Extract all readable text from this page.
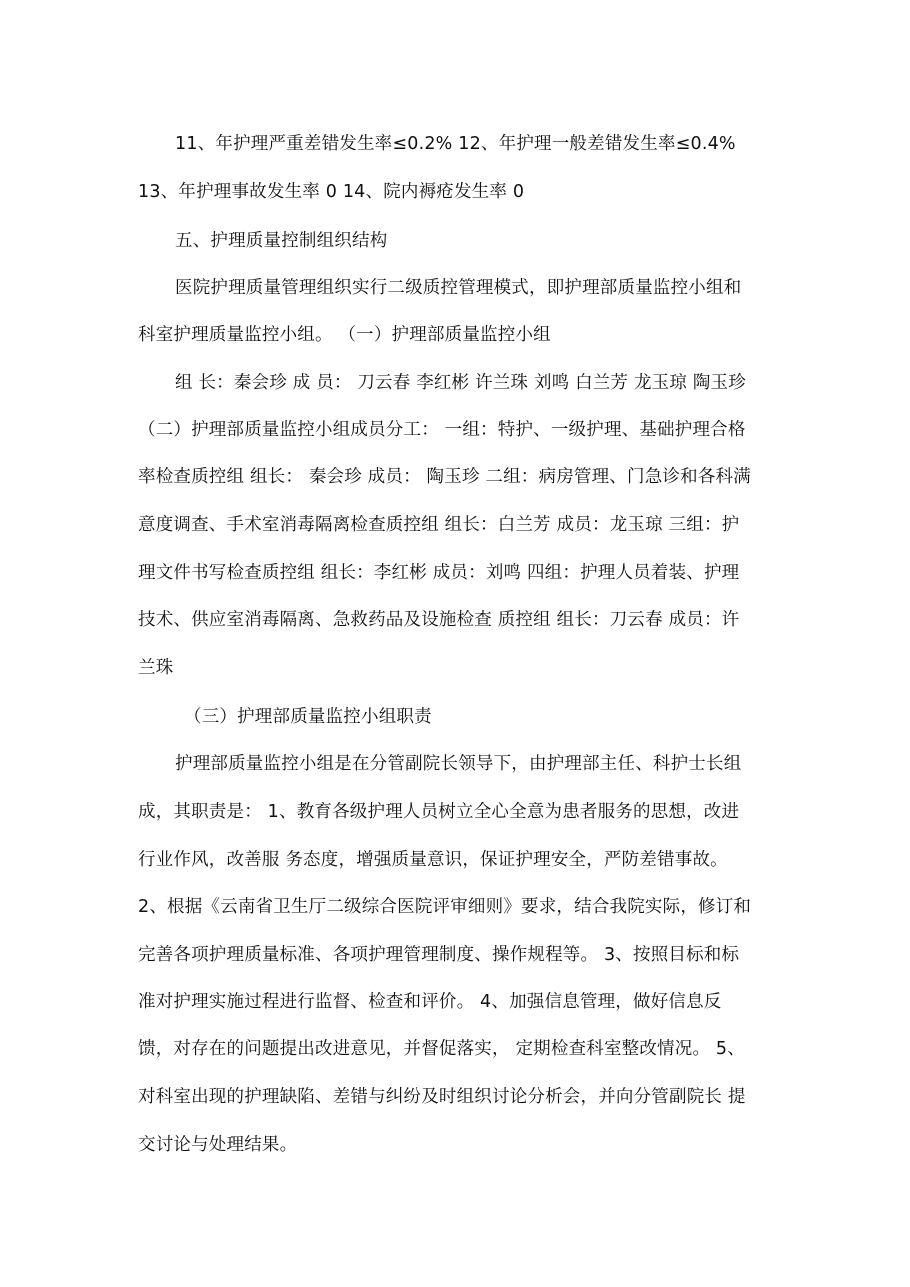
11、年护理严重差错发生率≤0.2% 12、年护理一般差错发生率≤0.4%
13、年护理事故发生率 0 14、院内褥疮发生率 0
五、护理质量控制组织结构
医院护理质量管理组织实行二级质控管理模式，即护理部质量监控小组和
科室护理质量监控小组。 （一）护理部质量监控小组
组 长：秦会珍 成 员： 刀云春 李红彬 许兰珠 刘鸣 白兰芳 龙玉琼 陶玉珍
（二）护理部质量监控小组成员分工： 一组：特护、一级护理、基础护理合格
率检查质控组 组长： 秦会珍 成员： 陶玉珍 二组：病房管理、门急诊和各科满
意度调查、手术室消毒隔离检查质控组 组长：白兰芳 成员：龙玉琼 三组：护
理文件书写检查质控组 组长：李红彬 成员：刘鸣 四组：护理人员着装、护理
技术、供应室消毒隔离、急救药品及设施检查 质控组 组长：刀云春 成员：许
兰珠
（三）护理部质量监控小组职责
护理部质量监控小组是在分管副院长领导下，由护理部主任、科护士长组
成，其职责是： 1、教育各级护理人员树立全心全意为患者服务的思想，改进
行业作风，改善服 务态度，增强质量意识，保证护理安全，严防差错事故。
2、根据《云南省卫生厅二级综合医院评审细则》要求，结合我院实际，修订和
完善各项护理质量标准、各项护理管理制度、操作规程等。 3、按照目标和标
准对护理实施过程进行监督、检查和评价。 4、加强信息管理，做好信息反
馈，对存在的问题提出改进意见，并督促落实， 定期检查科室整改情况。 5、
对科室出现的护理缺陷、差错与纠纷及时组织讨论分析会，并向分管副院长 提
交讨论与处理结果。
